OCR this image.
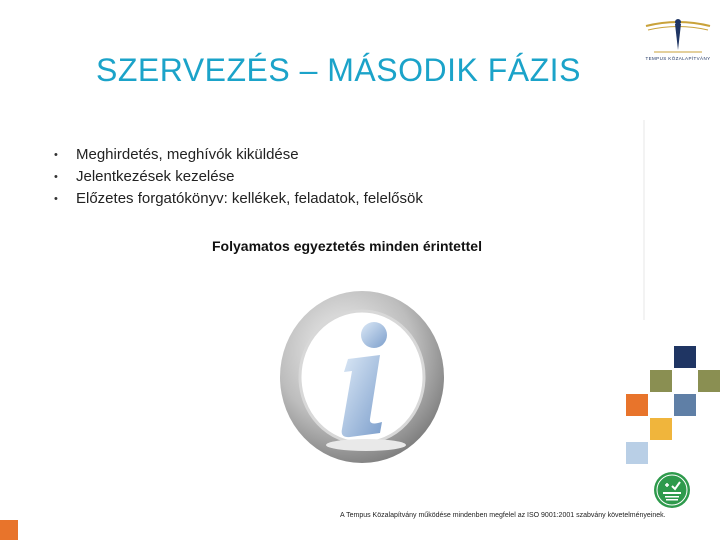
TEMPUS KÖZALAPÍTVÁNY
SZERVEZÉS – MÁSODIK FÁZIS
• Meghirdetés, meghívók kiküldése
• Jelentkezések kezelése
• Előzetes forgatókönyv: kellékek, feladatok, felelősök
Folyamatos egyeztetés minden érintettel
A Tempus Közalapítvány működése mindenben megfelel az ISO 9001:2001 szabvány követelményeinek.
